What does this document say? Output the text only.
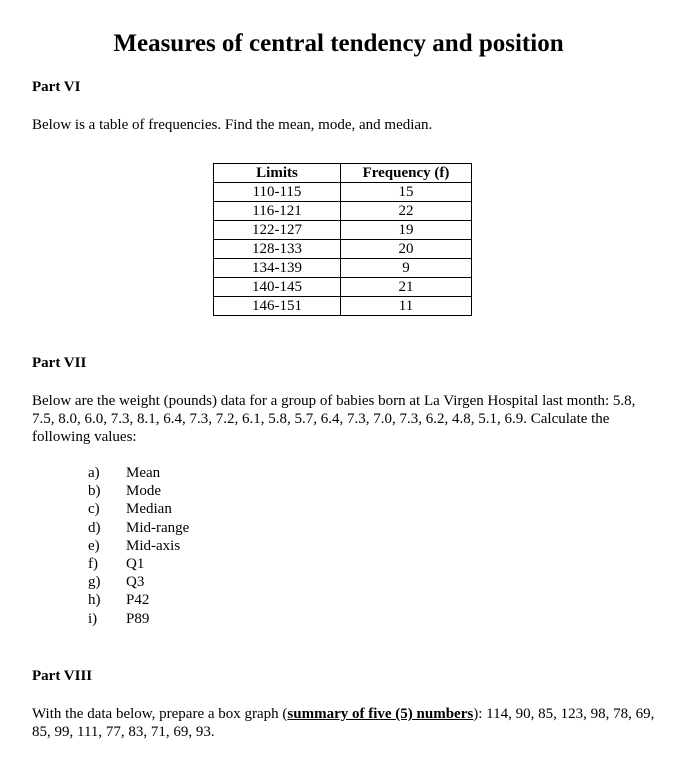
Measures of central tendency and position

Part VI

Below is a table of frequencies. Find the mean, mode, and median.

Limits	Frequency (f)
110-115	15
116-121	22
122-127	19
128-133	20
134-139	9
140-145	21
146-151	11

Part VII

Below are the weight (pounds) data for a group of babies born at La Virgen Hospital last month: 5.8, 7.5, 8.0, 6.0, 7.3, 8.1, 6.4, 7.3, 7.2, 6.1, 5.8, 5.7, 6.4, 7.3, 7.0, 7.3, 6.2, 4.8, 5.1, 6.9. Calculate the following values:

a)	Mean
b)	Mode
c)	Median
d)	Mid-range
e)	Mid-axis
f)	Q1
g)	Q3
h)	P42
i)	P89

Part VIII

With the data below, prepare a box graph (summary of five (5) numbers): 114, 90, 85, 123, 98, 78, 69, 85, 99, 111, 77, 83, 71, 69, 93.
